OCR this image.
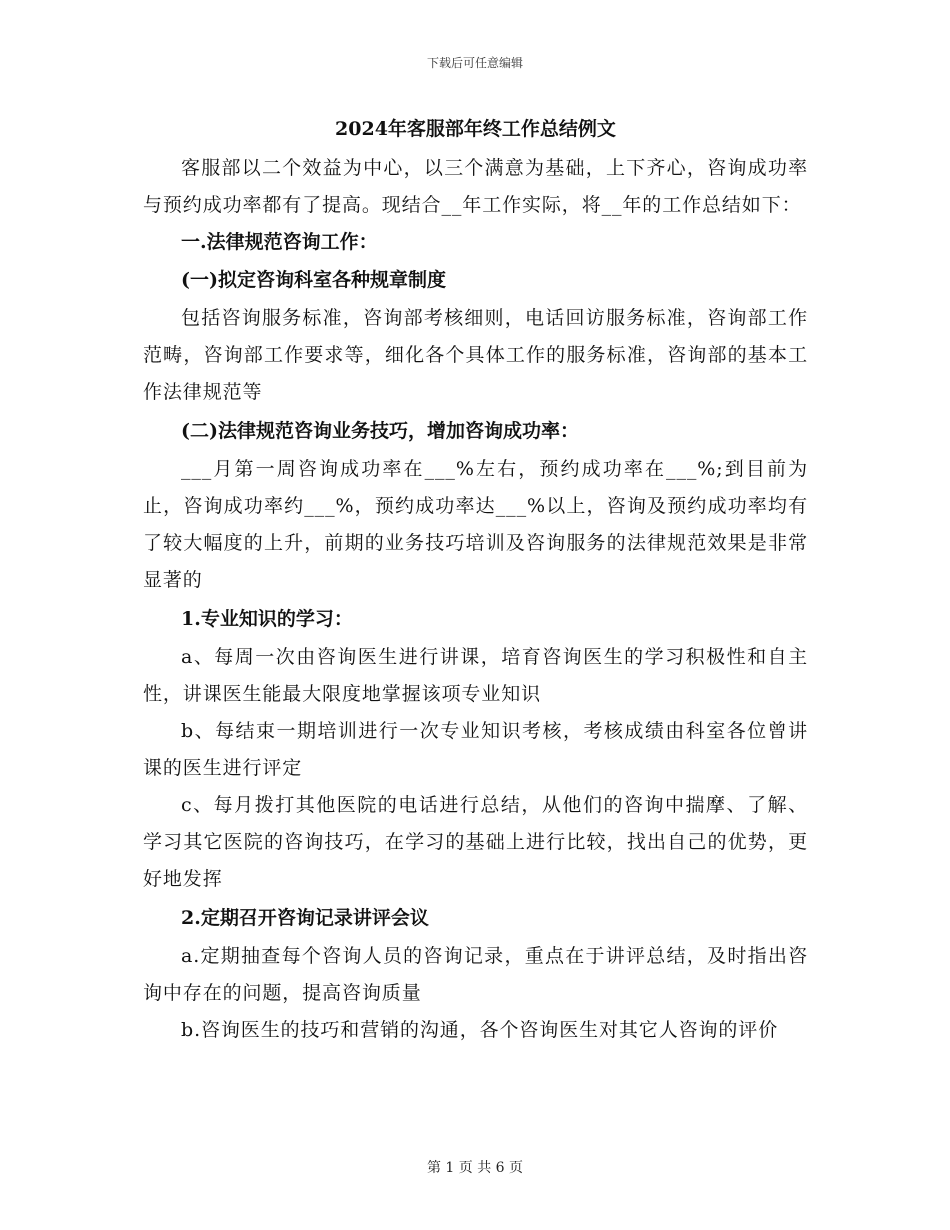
下载后可任意编辑
2024年客服部年终工作总结例文

客服部以二个效益为中心，以三个满意为基础，上下齐心，咨询成功率与预约成功率都有了提高。现结合__年工作实际，将__年的工作总结如下：

一.法律规范咨询工作：
(一)拟定咨询科室各种规章制度

包括咨询服务标准，咨询部考核细则，电话回访服务标准，咨询部工作范畴，咨询部工作要求等，细化各个具体工作的服务标准，咨询部的基本工作法律规范等

(二)法律规范咨询业务技巧，增加咨询成功率：

___月第一周咨询成功率在___%左右，预约成功率在___%;到目前为止，咨询成功率约___%，预约成功率达___%以上，咨询及预约成功率均有了较大幅度的上升，前期的业务技巧培训及咨询服务的法律规范效果是非常显著的

1.专业知识的学习：

a、每周一次由咨询医生进行讲课，培育咨询医生的学习积极性和自主性，讲课医生能最大限度地掌握该项专业知识

b、每结束一期培训进行一次专业知识考核，考核成绩由科室各位曾讲课的医生进行评定

c、每月拨打其他医院的电话进行总结，从他们的咨询中揣摩、了解、学习其它医院的咨询技巧，在学习的基础上进行比较，找出自己的优势，更好地发挥

2.定期召开咨询记录讲评会议

a.定期抽查每个咨询人员的咨询记录，重点在于讲评总结，及时指出咨询中存在的问题，提高咨询质量

b.咨询医生的技巧和营销的沟通，各个咨询医生对其它人咨询的评价

第 1 页 共 6 页
